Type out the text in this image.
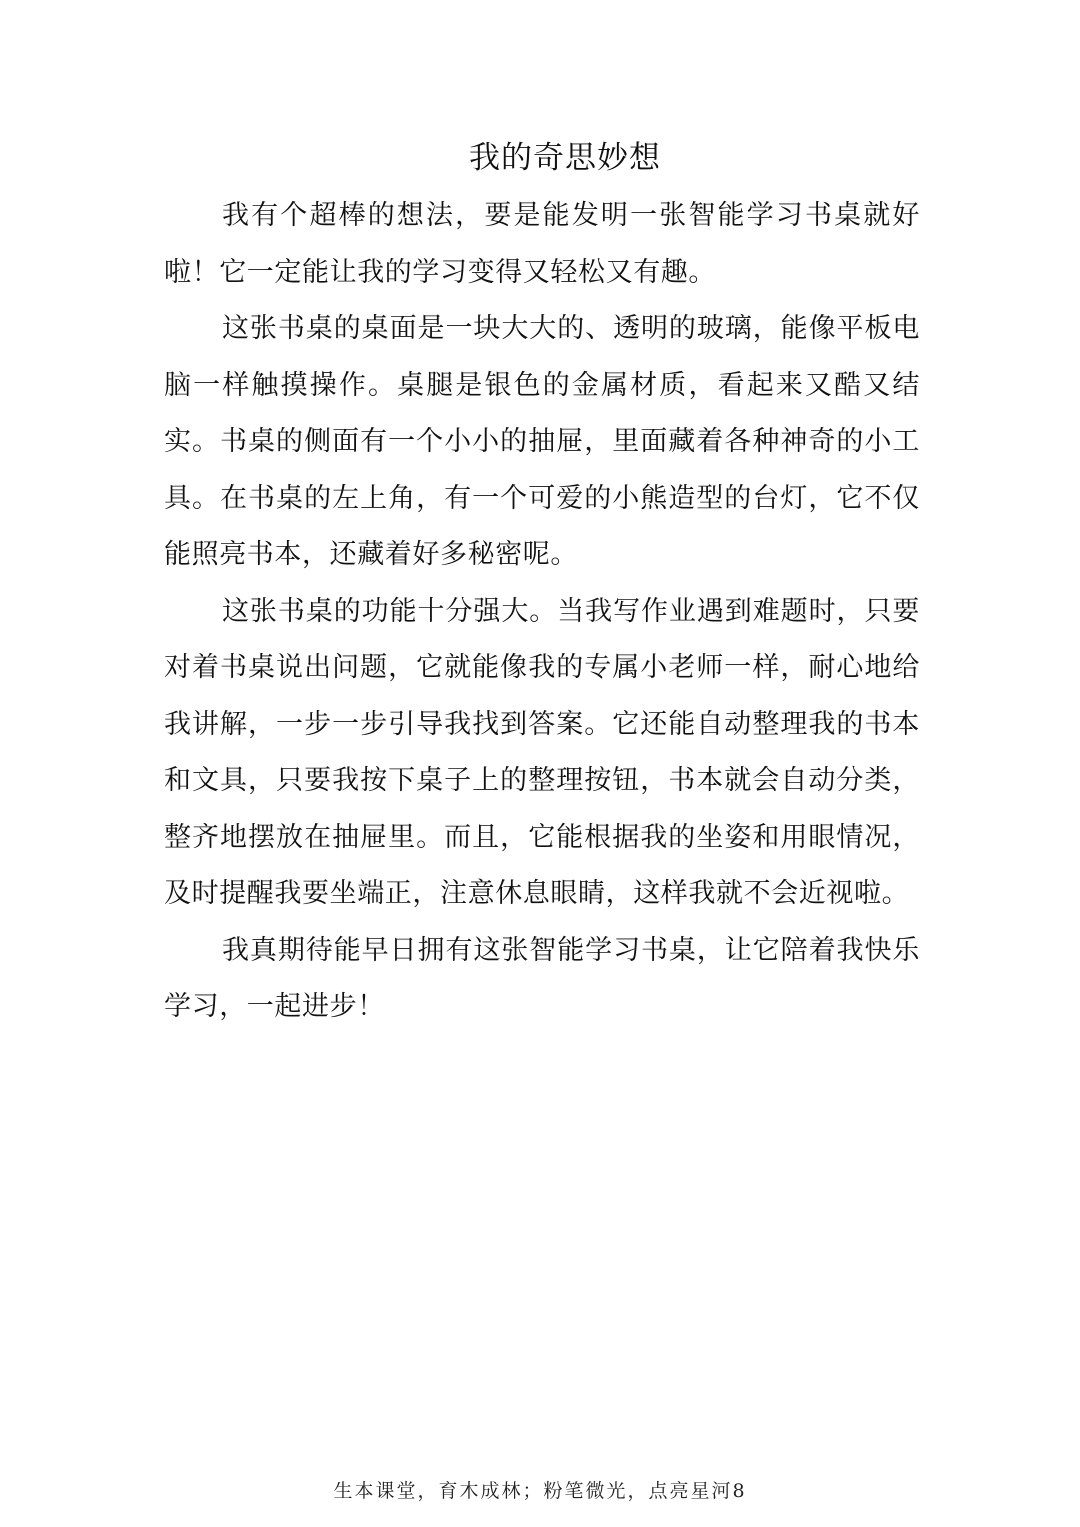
我的奇思妙想

我有个超棒的想法，要是能发明一张智能学习书桌就好啦！它一定能让我的学习变得又轻松又有趣。

这张书桌的桌面是一块大大的、透明的玻璃，能像平板电脑一样触摸操作。桌腿是银色的金属材质，看起来又酷又结实。书桌的侧面有一个小小的抽屉，里面藏着各种神奇的小工具。在书桌的左上角，有一个可爱的小熊造型的台灯，它不仅能照亮书本，还藏着好多秘密呢。

这张书桌的功能十分强大。当我写作业遇到难题时，只要对着书桌说出问题，它就能像我的专属小老师一样，耐心地给我讲解，一步一步引导我找到答案。它还能自动整理我的书本和文具，只要我按下桌子上的整理按钮，书本就会自动分类，整齐地摆放在抽屉里。而且，它能根据我的坐姿和用眼情况，及时提醒我要坐端正，注意休息眼睛，这样我就不会近视啦。

我真期待能早日拥有这张智能学习书桌，让它陪着我快乐学习，一起进步！

生本课堂，育木成林；粉笔微光，点亮星河8
